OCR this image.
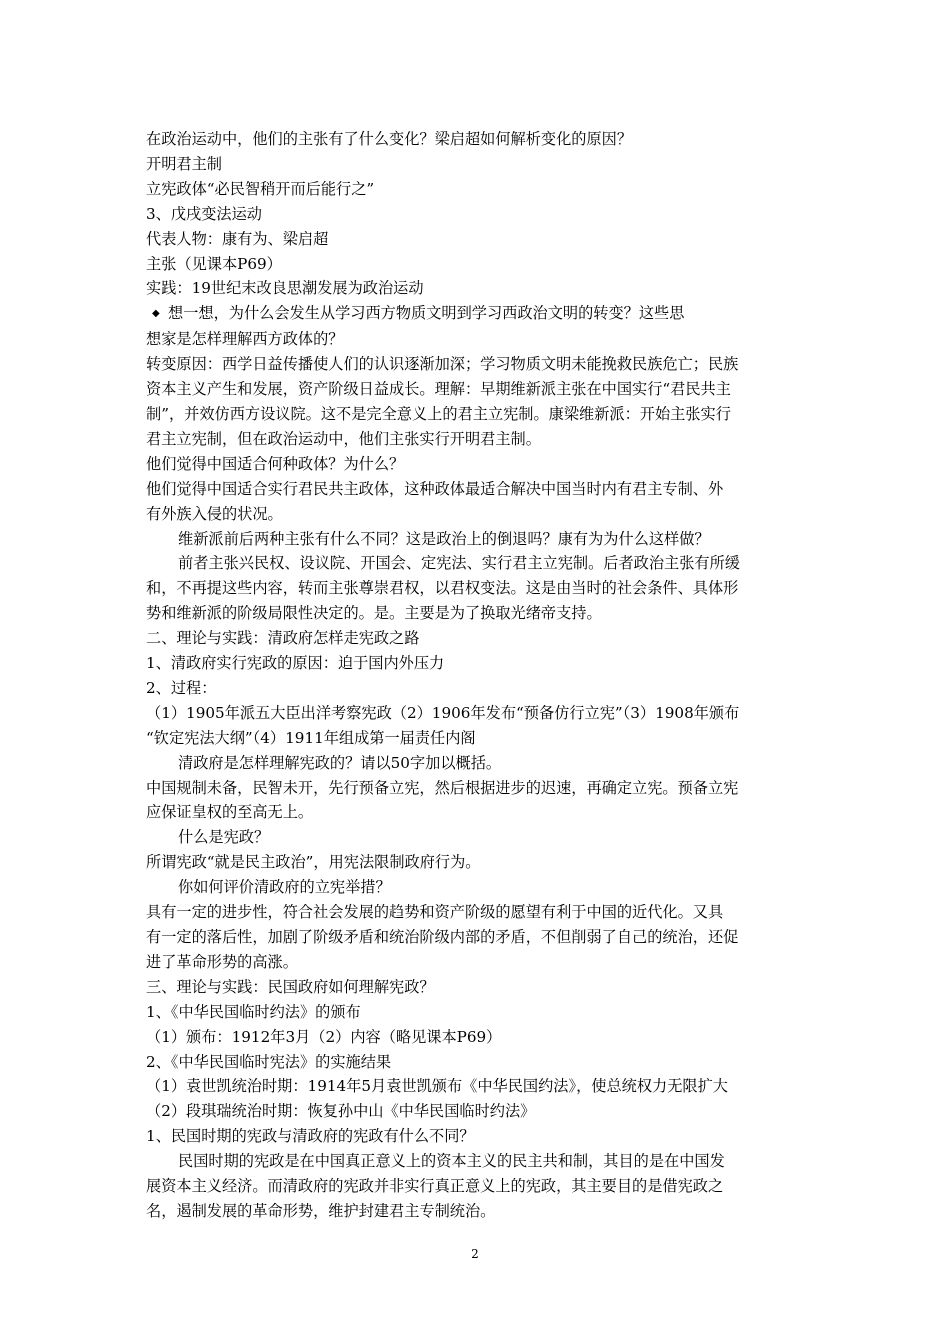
在政治运动中，他们的主张有了什么变化？梁启超如何解析变化的原因？
开明君主制
立宪政体“必民智稍开而后能行之”
3、戊戌变法运动
代表人物：康有为、梁启超
主张（见课本P69）
实践：19世纪末改良思潮发展为政治运动
◆ 想一想，为什么会发生从学习西方物质文明到学习西政治文明的转变？这些思
想家是怎样理解西方政体的？
转变原因：西学日益传播使人们的认识逐渐加深；学习物质文明未能挽救民族危亡；民族
资本主义产生和发展，资产阶级日益成长。理解：早期维新派主张在中国实行“君民共主
制”，并效仿西方设议院。这不是完全意义上的君主立宪制。康梁维新派：开始主张实行
君主立宪制，但在政治运动中，他们主张实行开明君主制。
他们觉得中国适合何种政体？为什么？
他们觉得中国适合实行君民共主政体，这种政体最适合解决中国当时内有君主专制、外
有外族入侵的状况。
维新派前后两种主张有什么不同？这是政治上的倒退吗？康有为为什么这样做？
前者主张兴民权、设议院、开国会、定宪法、实行君主立宪制。后者政治主张有所缓
和，不再提这些内容，转而主张尊崇君权，以君权变法。这是由当时的社会条件、具体形
势和维新派的阶级局限性决定的。是。主要是为了换取光绪帝支持。
二、理论与实践：清政府怎样走宪政之路
1、清政府实行宪政的原因：迫于国内外压力
2、过程：
（1）1905年派五大臣出洋考察宪政（2）1906年发布“预备仿行立宪”（3）1908年颁布
“钦定宪法大纲”（4）1911年组成第一届责任内阁
清政府是怎样理解宪政的？请以50字加以概括。
中国规制未备，民智未开，先行预备立宪，然后根据进步的迟速，再确定立宪。预备立宪
应保证皇权的至高无上。
什么是宪政？
所谓宪政“就是民主政治”，用宪法限制政府行为。
你如何评价清政府的立宪举措？
具有一定的进步性，符合社会发展的趋势和资产阶级的愿望有利于中国的近代化。又具
有一定的落后性，加剧了阶级矛盾和统治阶级内部的矛盾，不但削弱了自己的统治，还促
进了革命形势的高涨。
三、理论与实践：民国政府如何理解宪政？
1、《中华民国临时约法》的颁布
（1）颁布：1912年3月（2）内容（略见课本P69）
2、《中华民国临时宪法》的实施结果
（1）袁世凯统治时期：1914年5月袁世凯颁布《中华民国约法》，使总统权力无限扩大
（2）段琪瑞统治时期：恢复孙中山《中华民国临时约法》
1、民国时期的宪政与清政府的宪政有什么不同？
民国时期的宪政是在中国真正意义上的资本主义的民主共和制，其目的是在中国发
展资本主义经济。而清政府的宪政并非实行真正意义上的宪政，其主要目的是借宪政之
名，遏制发展的革命形势，维护封建君主专制统治。
2
